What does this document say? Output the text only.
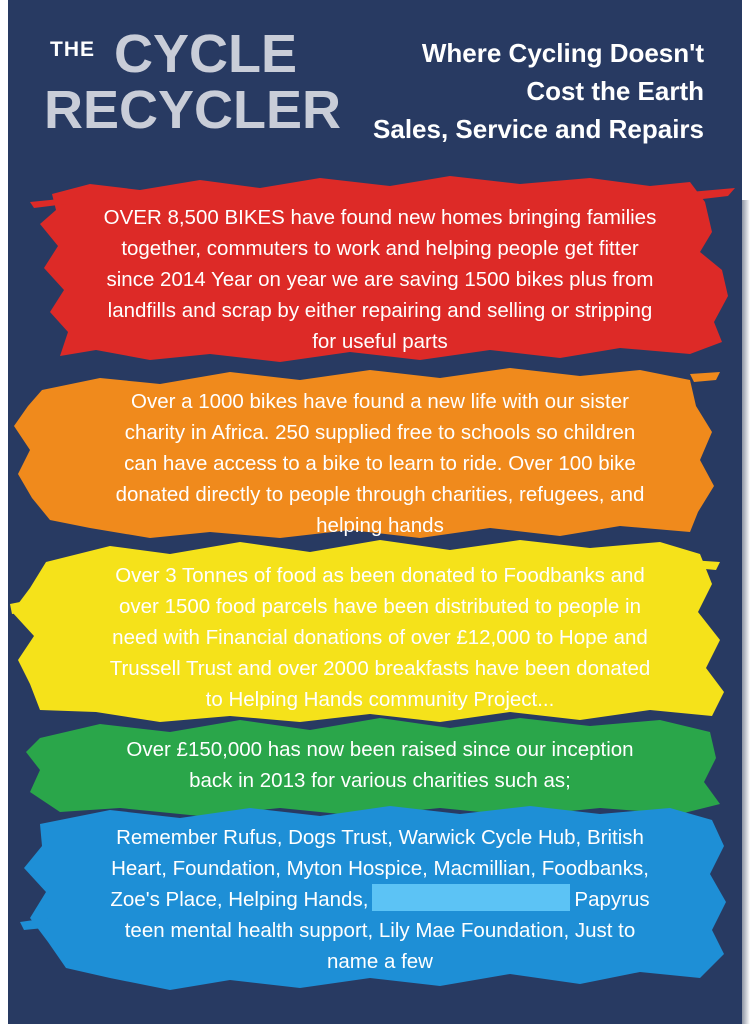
THE CYCLE
RECYCLER
Where Cycling Doesn't
Cost the Earth
Sales, Service and Repairs
OVER 8,500 BIKES have found new homes bringing families
together, commuters to work and helping people get fitter
since 2014 Year on year we are saving 1500 bikes plus from
landfills and scrap by either repairing and selling or stripping
for useful parts
Over a 1000 bikes have found a new life with our sister
charity in Africa. 250 supplied free to schools so children
can have access to a bike to learn to ride. Over 100 bike
donated directly to people through charities, refugees, and
helping hands
Over 3 Tonnes of food as been donated to Foodbanks and
over 1500 food parcels have been distributed to people in
need with Financial donations of over £12,000 to Hope and
Trussell Trust and over 2000 breakfasts have been donated
to Helping Hands community Project...
Over £150,000 has now been raised since our inception
back in 2013 for various charities such as;
Remember Rufus, Dogs Trust, Warwick Cycle Hub, British
Heart, Foundation, Myton Hospice, Macmillian, Foodbanks,
Zoe's Place, Helping Hands,	Papyrus
teen mental health support, Lily Mae Foundation, Just to
name a few
